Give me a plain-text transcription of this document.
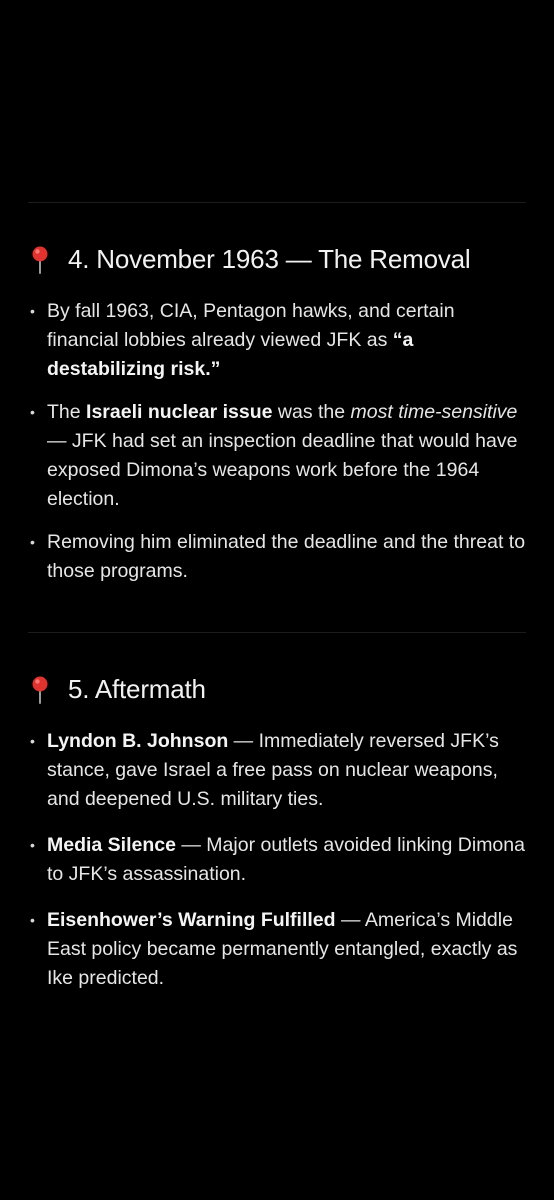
4. November 1963 — The Removal
• By fall 1963, CIA, Pentagon hawks, and certain financial lobbies already viewed JFK as “a destabilizing risk.”
• The Israeli nuclear issue was the most time-sensitive — JFK had set an inspection deadline that would have exposed Dimona’s weapons work before the 1964 election.
• Removing him eliminated the deadline and the threat to those programs.
5. Aftermath
• Lyndon B. Johnson — Immediately reversed JFK’s stance, gave Israel a free pass on nuclear weapons, and deepened U.S. military ties.
• Media Silence — Major outlets avoided linking Dimona to JFK’s assassination.
• Eisenhower’s Warning Fulfilled — America’s Middle East policy became permanently entangled, exactly as Ike predicted.
